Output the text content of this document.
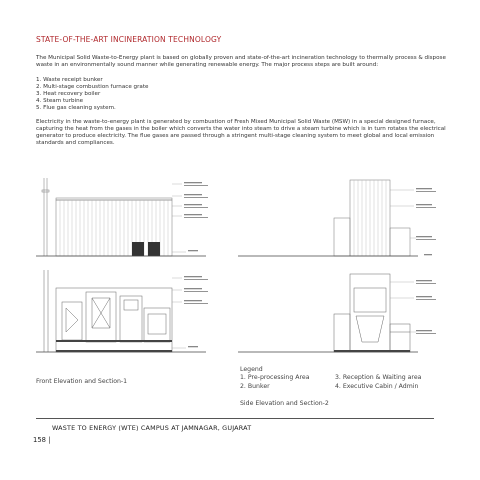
STATE-OF-THE-ART INCINERATION TECHNOLOGY
The Municipal Solid Waste-to-Energy plant is based on globally proven and state-of-the-art incineration technology to thermally process & dispose waste in an environmentally sound manner while generating renewable energy. The major process steps are built around:
1. Waste receipt bunker
2. Multi-stage combustion furnace grate
3. Heat recovery boiler
4. Steam turbine
5. Flue gas cleaning system.
Electricity in the waste-to-energy plant is generated by combustion of Fresh Mixed Municipal Solid Waste (MSW) in a special designed furnace, capturing the heat from the gases in the boiler which converts the water into steam to drive a steam turbine which is in turn rotates the electrical generator to produce electricity. The flue gases are passed through a stringent multi-stage cleaning system to meet global and local emission standards and compliances.
Front Elevation and Section-1
Legend
1. Pre-processing Area	3. Reception & Waiting area
2. Bunker	4. Executive Cabin / Admin
Side Elevation and Section-2
WASTE TO ENERGY (WTE) CAMPUS AT JAMNAGAR, GUJARAT
158 |
